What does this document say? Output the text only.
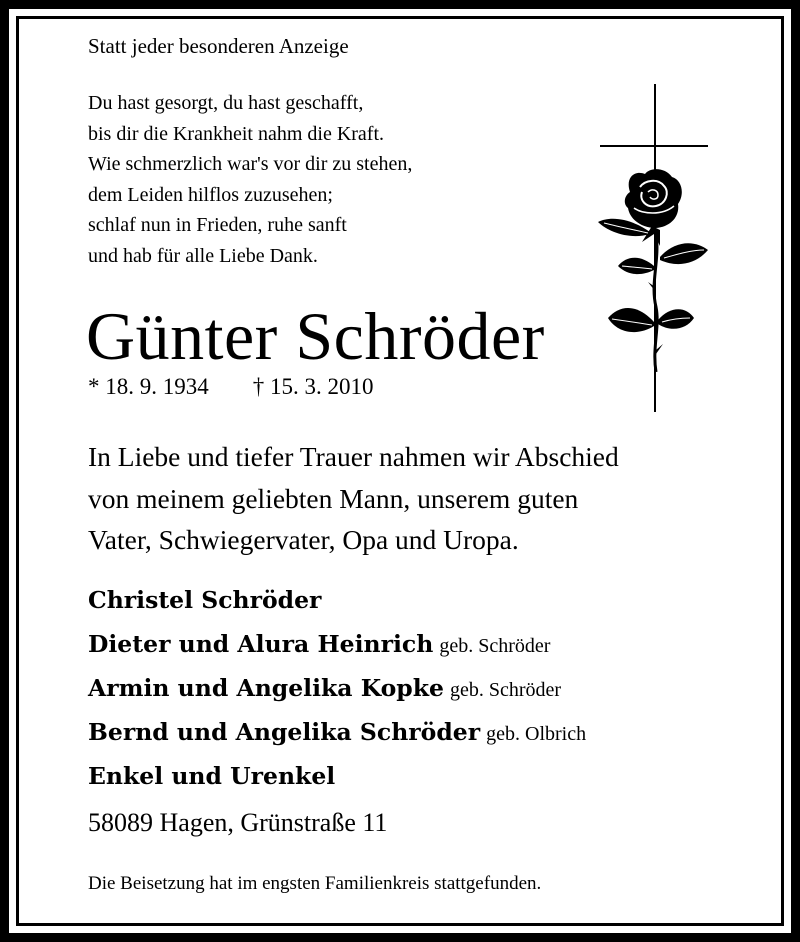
Statt jeder besonderen Anzeige

Du hast gesorgt, du hast geschafft,
bis dir die Krankheit nahm die Kraft.
Wie schmerzlich war's vor dir zu stehen,
dem Leiden hilflos zuzusehen;
schlaf nun in Frieden, ruhe sanft
und hab für alle Liebe Dank.
Günter Schröder

* 18. 9. 1934 † 15. 3. 2010

In Liebe und tiefer Trauer nahmen wir Abschied
von meinem geliebten Mann, unserem guten
Vater, Schwiegervater, Opa und Uropa.
Christel Schröder
Dieter und Alura Heinrich geb. Schröder
Armin und Angelika Kopke geb. Schröder
Bernd und Angelika Schröder geb. Olbrich
Enkel und Urenkel

58089 Hagen, Grünstraße 11

Die Beisetzung hat im engsten Familienkreis stattgefunden.
